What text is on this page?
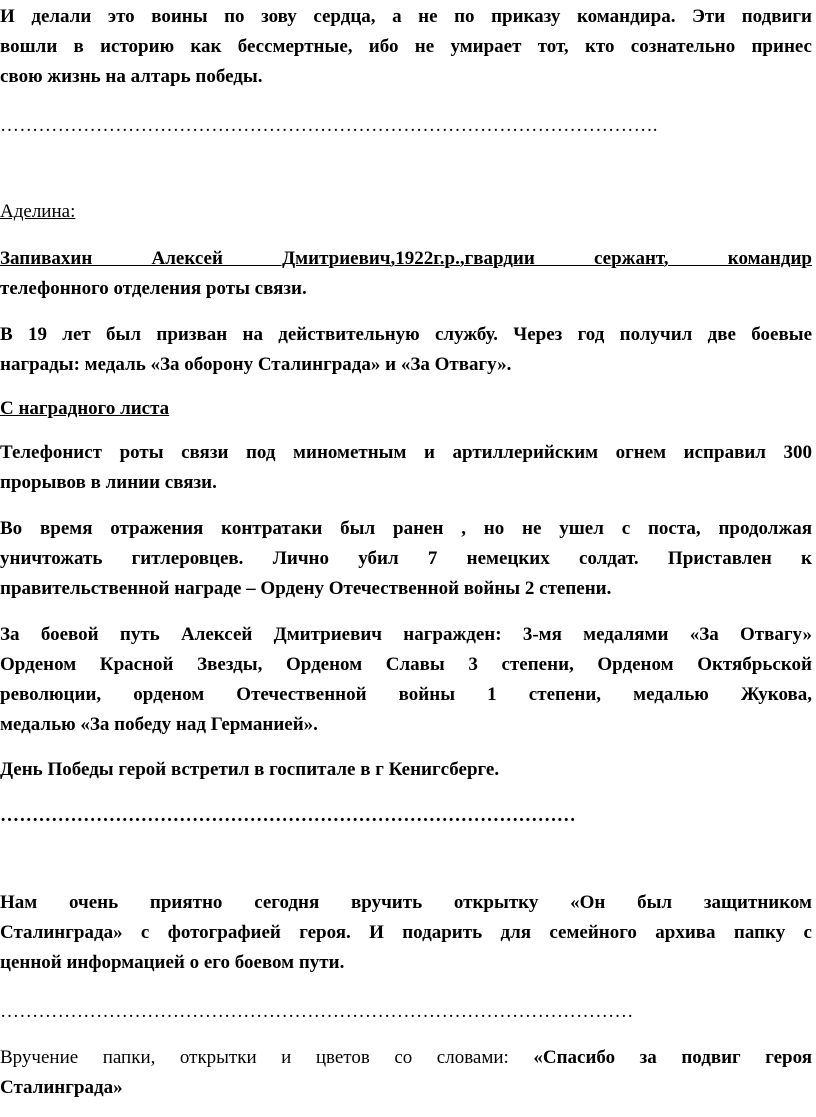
И делали это воины по зову сердца, а не по приказу командира. Эти подвиги
вошли в историю как бессмертные, ибо не умирает тот, кто сознательно принес
свою жизнь на алтарь победы.
………………………………………………………………………………………….
Аделина:
Запивахин Алексей Дмитриевич,1922г.р.,гвардии сержант, командир
телефонного отделения роты связи.
В 19 лет был призван на действительную службу. Через год получил две боевые
награды: медаль «За оборону Сталинграда» и «За Отвагу».
С наградного листа
Телефонист роты связи под минометным и артиллерийским огнем исправил 300
прорывов в линии связи.
Во время отражения контратаки был ранен , но не ушел с поста, продолжая
уничтожать гитлеровцев. Лично убил 7 немецких солдат. Приставлен к
правительственной награде – Ордену Отечественной войны 2 степени.
За боевой путь Алексей Дмитриевич награжден: 3-мя медалями «За Отвагу»
Орденом Красной Звезды, Орденом Славы 3 степени, Орденом Октябрьской
революции, орденом Отечественной войны 1 степени, медалью Жукова,
медалью «За победу над Германией».
День Победы герой встретил в госпитале в г Кенигсберге.
………………………………………………………………………………
Нам очень приятно сегодня вручить открытку «Он был защитником
Сталинграда» с фотографией героя. И подарить для семейного архива папку с
ценной информацией о его боевом пути.
………………………………………………………………………………………
Вручение папки, открытки и цветов со словами: «Спасибо за подвиг героя
Сталинграда»
